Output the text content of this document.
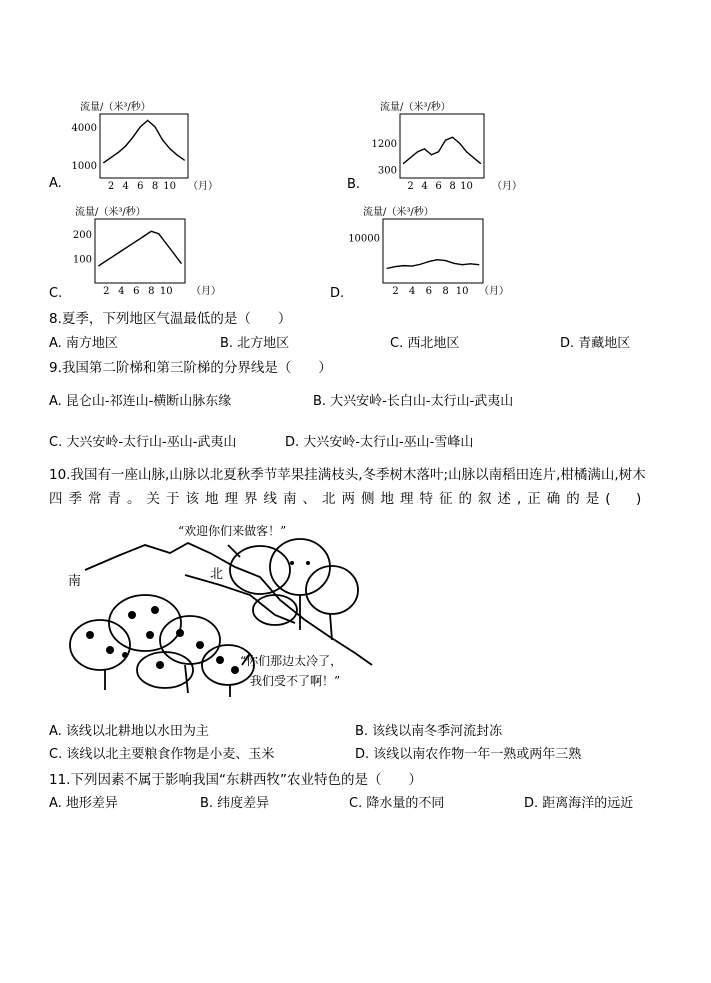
A.	B.
C.	D.
流量/（米³/秒）
4000
1000
2 4 6 8 10 （月）
流量/（米³/秒）
1200
300
2 4 6 8 10 （月）
流量/（米³/秒）
200
100
2 4 6 8 10 （月）
流量/（米³/秒）
10000
2 4 6 8 10 （月）
8.夏季，下列地区气温最低的是（　　）
A. 南方地区	B. 北方地区	C. 西北地区	D. 青藏地区
9.我国第二阶梯和第三阶梯的分界线是（　　）
A. 昆仑山-祁连山-横断山脉东缘	B. 大兴安岭-长白山-太行山-武夷山
C. 大兴安岭-太行山-巫山-武夷山	D. 大兴安岭-太行山-巫山-雪峰山
10.我国有一座山脉,山脉以北夏秋季节苹果挂满枝头,冬季树木落叶;山脉以南稻田连片,柑橘满山,树木
四季常青。关于该地理界线南、北两侧地理特征的叙述,正确的是(　)
南	北
“欢迎你们来做客！”
“你们那边太冷了，
我们受不了啊！”
A. 该线以北耕地以水田为主	B. 该线以南冬季河流封冻
C. 该线以北主要粮食作物是小麦、玉米	D. 该线以南农作物一年一熟或两年三熟
11.下列因素不属于影响我国“东耕西牧”农业特色的是（　　）
A. 地形差异	B. 纬度差异	C. 降水量的不同	D. 距离海洋的远近
